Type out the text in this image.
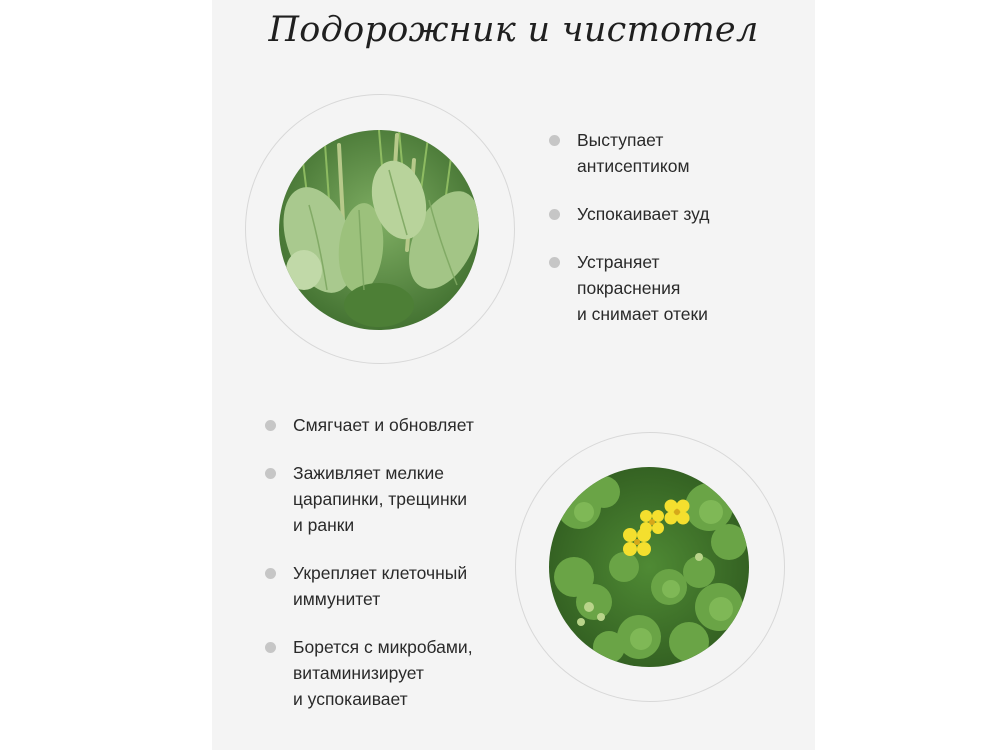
Подорожник и чистотел
Выступает
антисептиком
Успокаивает зуд
Устраняет
покраснения
и снимает отеки
Смягчает и обновляет
Заживляет мелкие
царапинки, трещинки
и ранки
Укрепляет клеточный
иммунитет
Борется с микробами,
витаминизирует
и успокаивает
